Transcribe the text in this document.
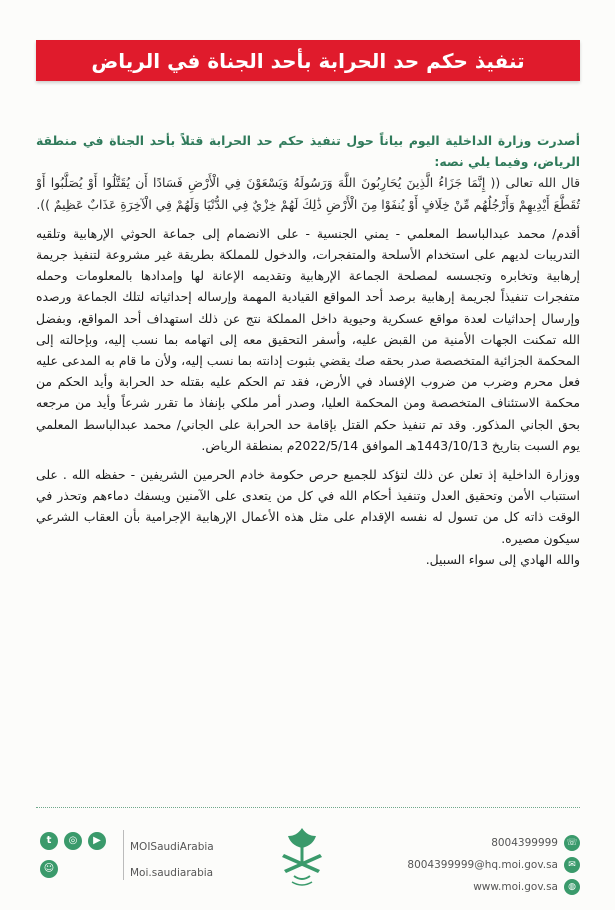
تنفيذ حكم حد الحرابة بأحد الجناة في الرياض

أصدرت وزارة الداخلية اليوم بياناً حول تنفيذ حكم حد الحرابة قتلاً بأحد الجناة في منطقة الرياض، وفيما يلي نصه:

قال الله تعالى (( إِنَّمَا جَزَاءُ الَّذِينَ يُحَارِبُونَ اللَّهَ وَرَسُولَهُ وَيَسْعَوْنَ فِي الْأَرْضِ فَسَادًا أَن يُقَتَّلُوا أَوْ يُصَلَّبُوا أَوْ تُقَطَّعَ أَيْدِيهِمْ وَأَرْجُلُهُم مِّنْ خِلَافٍ أَوْ يُنفَوْا مِنَ الْأَرْضِ ذَٰلِكَ لَهُمْ خِزْيٌ فِي الدُّنْيَا وَلَهُمْ فِي الْآخِرَةِ عَذَابٌ عَظِيمٌ )).

أقدم/ محمد عبدالباسط المعلمي - يمني الجنسية - على الانضمام إلى جماعة الحوثي الإرهابية وتلقيه التدريبات لديهم على استخدام الأسلحة والمتفجرات، والدخول للمملكة بطريقة غير مشروعة لتنفيذ جريمة إرهابية وتخابره وتجسسه لمصلحة الجماعة الإرهابية وتقديمه الإعانة لها وإمدادها بالمعلومات وحمله متفجرات تنفيذاً لجريمة إرهابية برصد أحد المواقع القيادية المهمة وإرساله إحداثياته لتلك الجماعة ورصده وإرسال إحداثيات لعدة مواقع عسكرية وحيوية داخل المملكة نتج عن ذلك استهداف أحد المواقع، وبفضل الله تمكنت الجهات الأمنية من القبض عليه، وأسفر التحقيق معه إلى اتهامه بما نسب إليه، وبإحالته إلى المحكمة الجزائية المتخصصة صدر بحقه صك يقضي بثبوت إدانته بما نسب إليه، ولأن ما قام به المدعى عليه فعل محرم وضرب من ضروب الإفساد في الأرض، فقد تم الحكم عليه بقتله حد الحرابة وأيد الحكم من محكمة الاستئناف المتخصصة ومن المحكمة العليا، وصدر أمر ملكي بإنفاذ ما تقرر شرعاً وأيد من مرجعه بحق الجاني المذكور. وقد تم تنفيذ حكم القتل بإقامة حد الحرابة على الجاني/ محمد عبدالباسط المعلمي يوم السبت بتاريخ 1443/10/13هـ الموافق 2022/5/14م بمنطقة الرياض.

ووزارة الداخلية إذ تعلن عن ذلك لتؤكد للجميع حرص حكومة خادم الحرمين الشريفين - حفظه الله . على استتباب الأمن وتحقيق العدل وتنفيذ أحكام الله في كل من يتعدى على الآمنين ويسفك دماءهم وتحذر في الوقت ذاته كل من تسول له نفسه الإقدام على مثل هذه الأعمال الإرهابية الإجرامية بأن العقاب الشرعي سيكون مصيره.

والله الهادي إلى سواء السبيل.

t	◎	▶
☺
MOISaudiArabia
Moi.saudiarabia
8004399999 ☏
8004399999@hq.moi.gov.sa	✉
www.moi.gov.sa	◍
